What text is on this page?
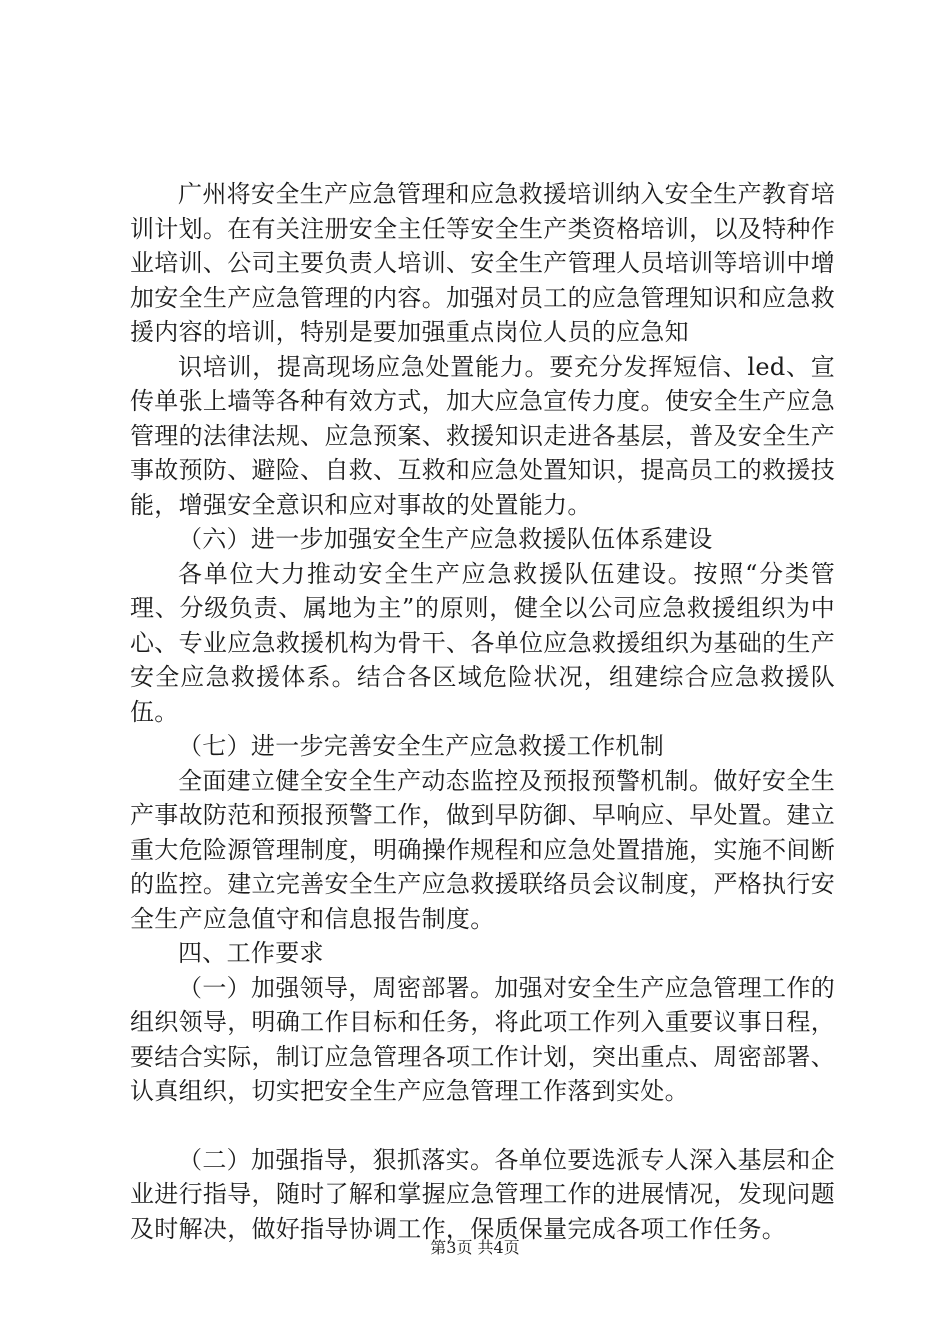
广州将安全生产应急管理和应急救援培训纳入安全生产教育培训计划。在有关注册安全主任等安全生产类资格培训，以及特种作业培训、公司主要负责人培训、安全生产管理人员培训等培训中增加安全生产应急管理的内容。加强对员工的应急管理知识和应急救援内容的培训，特别是要加强重点岗位人员的应急知

识培训，提高现场应急处置能力。要充分发挥短信、led、宣传单张上墙等各种有效方式，加大应急宣传力度。使安全生产应急管理的法律法规、应急预案、救援知识走进各基层，普及安全生产事故预防、避险、自救、互救和应急处置知识，提高员工的救援技能，增强安全意识和应对事故的处置能力。

（六）进一步加强安全生产应急救援队伍体系建设

各单位大力推动安全生产应急救援队伍建设。按照“分类管理、分级负责、属地为主”的原则，健全以公司应急救援组织为中心、专业应急救援机构为骨干、各单位应急救援组织为基础的生产安全应急救援体系。结合各区域危险状况，组建综合应急救援队伍。

（七）进一步完善安全生产应急救援工作机制

全面建立健全安全生产动态监控及预报预警机制。做好安全生产事故防范和预报预警工作，做到早防御、早响应、早处置。建立重大危险源管理制度，明确操作规程和应急处置措施，实施不间断的监控。建立完善安全生产应急救援联络员会议制度，严格执行安全生产应急值守和信息报告制度。

四、工作要求

（一）加强领导，周密部署。加强对安全生产应急管理工作的组织领导，明确工作目标和任务，将此项工作列入重要议事日程，要结合实际，制订应急管理各项工作计划，突出重点、周密部署、认真组织，切实把安全生产应急管理工作落到实处。

（二）加强指导，狠抓落实。各单位要选派专人深入基层和企业进行指导，随时了解和掌握应急管理工作的进展情况，发现问题及时解决，做好指导协调工作，保质保量完成各项工作任务。

第3页 共4页
